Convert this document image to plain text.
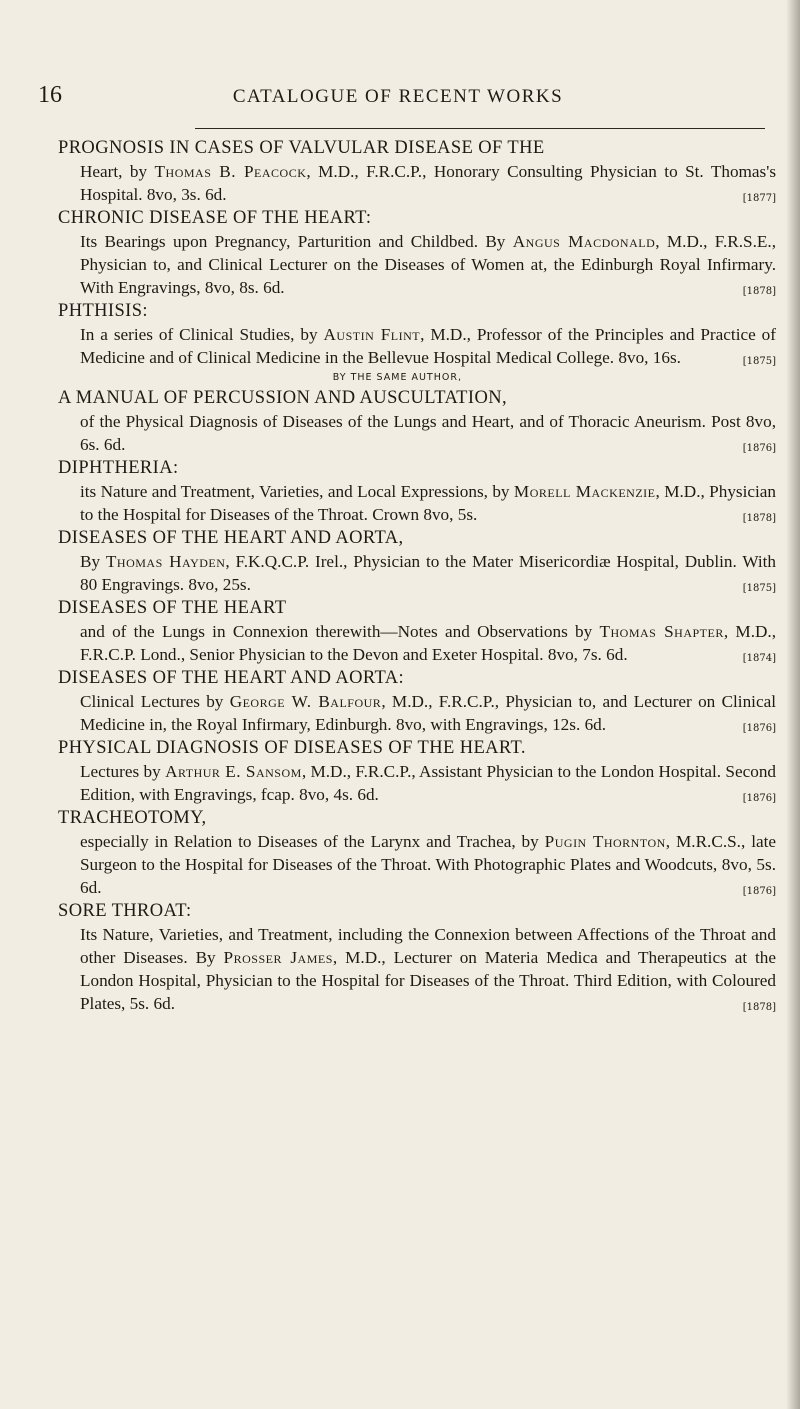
16	CATALOGUE OF RECENT WORKS
PROGNOSIS IN CASES OF VALVULAR DISEASE OF THE
Heart, by Thomas B. Peacock, M.D., F.R.C.P., Honorary Consulting Physician to St. Thomas's Hospital. 8vo, 3s. 6d.	[1877]
CHRONIC DISEASE OF THE HEART:
Its Bearings upon Pregnancy, Parturition and Childbed. By Angus Macdonald, M.D., F.R.S.E., Physician to, and Clinical Lecturer on the Diseases of Women at, the Edinburgh Royal Infirmary. With Engravings, 8vo, 8s. 6d.	[1878]
PHTHISIS:
In a series of Clinical Studies, by Austin Flint, M.D., Professor of the Principles and Practice of Medicine and of Clinical Medicine in the Bellevue Hospital Medical College. 8vo, 16s.	[1875]
BY THE SAME AUTHOR,
A MANUAL OF PERCUSSION AND AUSCULTATION,
of the Physical Diagnosis of Diseases of the Lungs and Heart, and of Thoracic Aneurism. Post 8vo, 6s. 6d.	[1876]
DIPHTHERIA:
its Nature and Treatment, Varieties, and Local Expressions, by Morell Mackenzie, M.D., Physician to the Hospital for Diseases of the Throat. Crown 8vo, 5s.	[1878]
DISEASES OF THE HEART AND AORTA,
By Thomas Hayden, F.K.Q.C.P. Irel., Physician to the Mater Misericordiæ Hospital, Dublin. With 80 Engravings. 8vo, 25s.	[1875]
DISEASES OF THE HEART
and of the Lungs in Connexion therewith—Notes and Observations by Thomas Shapter, M.D., F.R.C.P. Lond., Senior Physician to the Devon and Exeter Hospital. 8vo, 7s. 6d.	[1874]
DISEASES OF THE HEART AND AORTA:
Clinical Lectures by George W. Balfour, M.D., F.R.C.P., Physician to, and Lecturer on Clinical Medicine in, the Royal Infirmary, Edinburgh. 8vo, with Engravings, 12s. 6d.	[1876]
PHYSICAL DIAGNOSIS OF DISEASES OF THE HEART.
Lectures by Arthur E. Sansom, M.D., F.R.C.P., Assistant Physician to the London Hospital. Second Edition, with Engravings, fcap. 8vo, 4s. 6d.	[1876]
TRACHEOTOMY,
especially in Relation to Diseases of the Larynx and Trachea, by Pugin Thornton, M.R.C.S., late Surgeon to the Hospital for Diseases of the Throat. With Photographic Plates and Woodcuts, 8vo, 5s. 6d.	[1876]
SORE THROAT:
Its Nature, Varieties, and Treatment, including the Connexion between Affections of the Throat and other Diseases. By Prosser James, M.D., Lecturer on Materia Medica and Therapeutics at the London Hospital, Physician to the Hospital for Diseases of the Throat. Third Edition, with Coloured Plates, 5s. 6d.	[1878]
